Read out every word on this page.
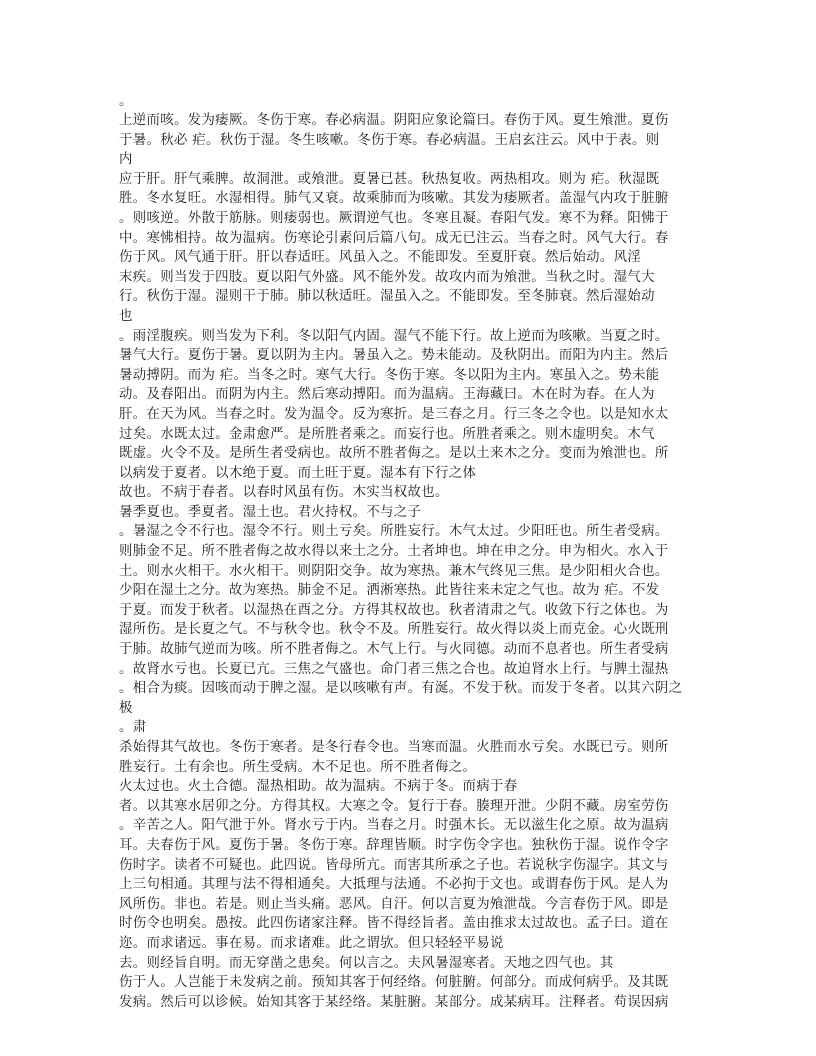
。
上逆而咳。发为痿厥。冬伤于寒。春必病温。阴阳应象论篇曰。春伤于风。夏生飧泄。夏伤
于暑。秋必 疟。秋伤于湿。冬生咳嗽。冬伤于寒。春必病温。王启玄注云。风中于表。则
内
应于肝。肝气乘脾。故洞泄。或飧泄。夏暑已甚。秋热复收。两热相攻。则为 疟。秋湿既
胜。冬水复旺。水湿相得。肺气又衰。故乘肺而为咳嗽。其发为痿厥者。盖湿气内攻于脏腑
。则咳逆。外散于筋脉。则痿弱也。厥谓逆气也。冬寒且凝。春阳气发。寒不为释。阳怫于
中。寒怫相持。故为温病。伤寒论引素问后篇八句。成无已注云。当春之时。风气大行。春
伤于风。风气通于肝。肝以春适旺。风虽入之。不能即发。至夏肝衰。然后始动。风淫
末疾。则当发于四肢。夏以阳气外盛。风不能外发。故攻内而为飧泄。当秋之时。湿气大
行。秋伤于湿。湿则干于肺。肺以秋适旺。湿虽入之。不能即发。至冬肺衰。然后湿始动
也
。雨淫腹疾。则当发为下利。冬以阳气内固。湿气不能下行。故上逆而为咳嗽。当夏之时。
暑气大行。夏伤于暑。夏以阴为主内。暑虽入之。势未能动。及秋阴出。而阳为内主。然后
暑动搏阴。而为 疟。当冬之时。寒气大行。冬伤于寒。冬以阳为主内。寒虽入之。势未能
动。及春阳出。而阴为内主。然后寒动搏阳。而为温病。王海藏曰。木在时为春。在人为
肝。在天为风。当春之时。发为温令。反为寒折。是三春之月。行三冬之令也。以是知水太
过矣。水既太过。金肃愈严。是所胜者乘之。而妄行也。所胜者乘之。则木虚明矣。木气
既虚。火令不及。是所生者受病也。故所不胜者侮之。是以土来木之分。变而为飧泄也。所
以病发于夏者。以木绝于夏。而土旺于夏。湿本有下行之体
故也。不病于春者。以春时风虽有伤。木实当权故也。
暑季夏也。季夏者。湿土也。君火持权。不与之子
。暑湿之令不行也。湿令不行。则土亏矣。所胜妄行。木气太过。少阳旺也。所生者受病。
则肺金不足。所不胜者侮之故水得以来土之分。土者坤也。坤在申之分。申为相火。水入于
土。则水火相干。水火相干。则阴阳交争。故为寒热。兼木气终见三焦。是少阳相火合也。
少阳在湿土之分。故为寒热。肺金不足。洒淅寒热。此皆往来未定之气也。故为 疟。不发
于夏。而发于秋者。以湿热在酉之分。方得其权故也。秋者清肃之气。收敛下行之体也。为
湿所伤。是长夏之气。不与秋令也。秋令不及。所胜妄行。故火得以炎上而克金。心火既刑
于肺。故肺气逆而为咳。所不胜者侮之。木气上行。与火同德。动而不息者也。所生者受病
。故肾水亏也。长夏已亢。三焦之气盛也。命门者三焦之合也。故迫肾水上行。与脾土湿热
。相合为痰。因咳而动于脾之湿。是以咳嗽有声。有涎。不发于秋。而发于冬者。以其六阴之
极
。肃
杀始得其气故也。冬伤于寒者。是冬行春令也。当寒而温。火胜而水亏矣。水既已亏。则所
胜妄行。土有余也。所生受病。木不足也。所不胜者侮之。
火太过也。火土合德。湿热相助。故为温病。不病于冬。而病于春
者。以其寒水居卯之分。方得其权。大寒之令。复行于春。腠理开泄。少阴不藏。房室劳伤
。辛苦之人。阳气泄于外。肾水亏于内。当春之月。时强木长。无以滋生化之原。故为温病
耳。夫春伤于风。夏伤于暑。冬伤于寒。辞理皆顺。时字伤令字也。独秋伤于湿。说作令字
伤时字。读者不可疑也。此四说。皆母所亢。而害其所承之子也。若说秋字伤湿字。其文与
上三句相通。其理与法不得相通矣。大抵理与法通。不必拘于文也。或谓春伤于风。是人为
风所伤。非也。若是。则止当头痛。恶风。自汗。何以言夏为飧泄哉。今言春伤于风。即是
时伤令也明矣。愚按。此四伤诸家注释。皆不得经旨者。盖由推求太过故也。孟子曰。道在
迩。而求诸远。事在易。而求诸难。此之谓欤。但只轻轻平易说
去。则经旨自明。而无穿凿之患矣。何以言之。夫风暑湿寒者。天地之四气也。其
伤于人。人岂能于未发病之前。预知其客于何经络。何脏腑。何部分。而成何病乎。及其既
发病。然后可以诊候。始知其客于某经络。某脏腑。某部分。成某病耳。注释者。苟误因病
